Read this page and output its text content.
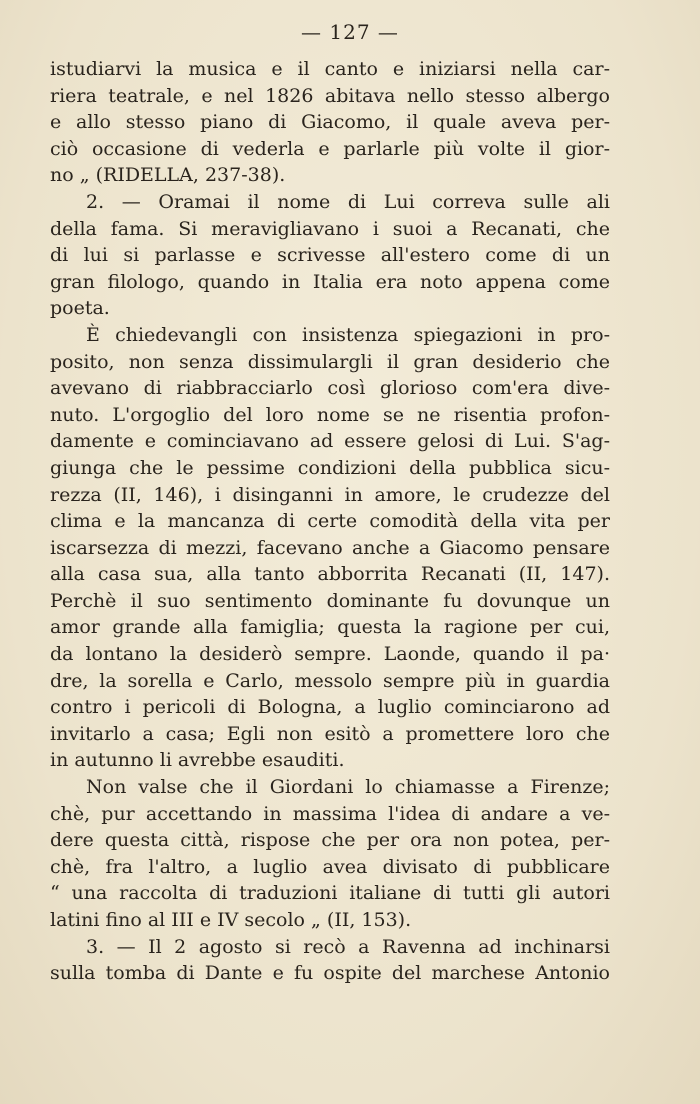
— 127 —
istudiarvi la musica e il canto e iniziarsi nella car-
riera teatrale, e nel 1826 abitava nello stesso albergo
e allo stesso piano di Giacomo, il quale aveva per-
ciò occasione di vederla e parlarle più volte il gior-
no „ (RIDELLA, 237-38).
2. — Oramai il nome di Lui correva sulle ali
della fama. Si meravigliavano i suoi a Recanati, che
di lui si parlasse e scrivesse all'estero come di un
gran filologo, quando in Italia era noto appena come
poeta.
È chiedevangli con insistenza spiegazioni in pro-
posito, non senza dissimulargli il gran desiderio che
avevano di riabbracciarlo così glorioso com'era dive-
nuto. L'orgoglio del loro nome se ne risentia profon-
damente e cominciavano ad essere gelosi di Lui. S'ag-
giunga che le pessime condizioni della pubblica sicu-
rezza (II, 146), i disinganni in amore, le crudezze del
clima e la mancanza di certe comodità della vita per
iscarsezza di mezzi, facevano anche a Giacomo pensare
alla casa sua, alla tanto abborrita Recanati (II, 147).
Perchè il suo sentimento dominante fu dovunque un
amor grande alla famiglia; questa la ragione per cui,
da lontano la desiderò sempre. Laonde, quando il pa·
dre, la sorella e Carlo, messolo sempre più in guardia
contro i pericoli di Bologna, a luglio cominciarono ad
invitarlo a casa; Egli non esitò a promettere loro che
in autunno li avrebbe esauditi.
Non valse che il Giordani lo chiamasse a Firenze;
chè, pur accettando in massima l'idea di andare a ve-
dere questa città, rispose che per ora non potea, per-
chè, fra l'altro, a luglio avea divisato di pubblicare
“ una raccolta di traduzioni italiane di tutti gli autori
latini fino al III e IV secolo „ (II, 153).
3. — Il 2 agosto si recò a Ravenna ad inchinarsi
sulla tomba di Dante e fu ospite del marchese Antonio
